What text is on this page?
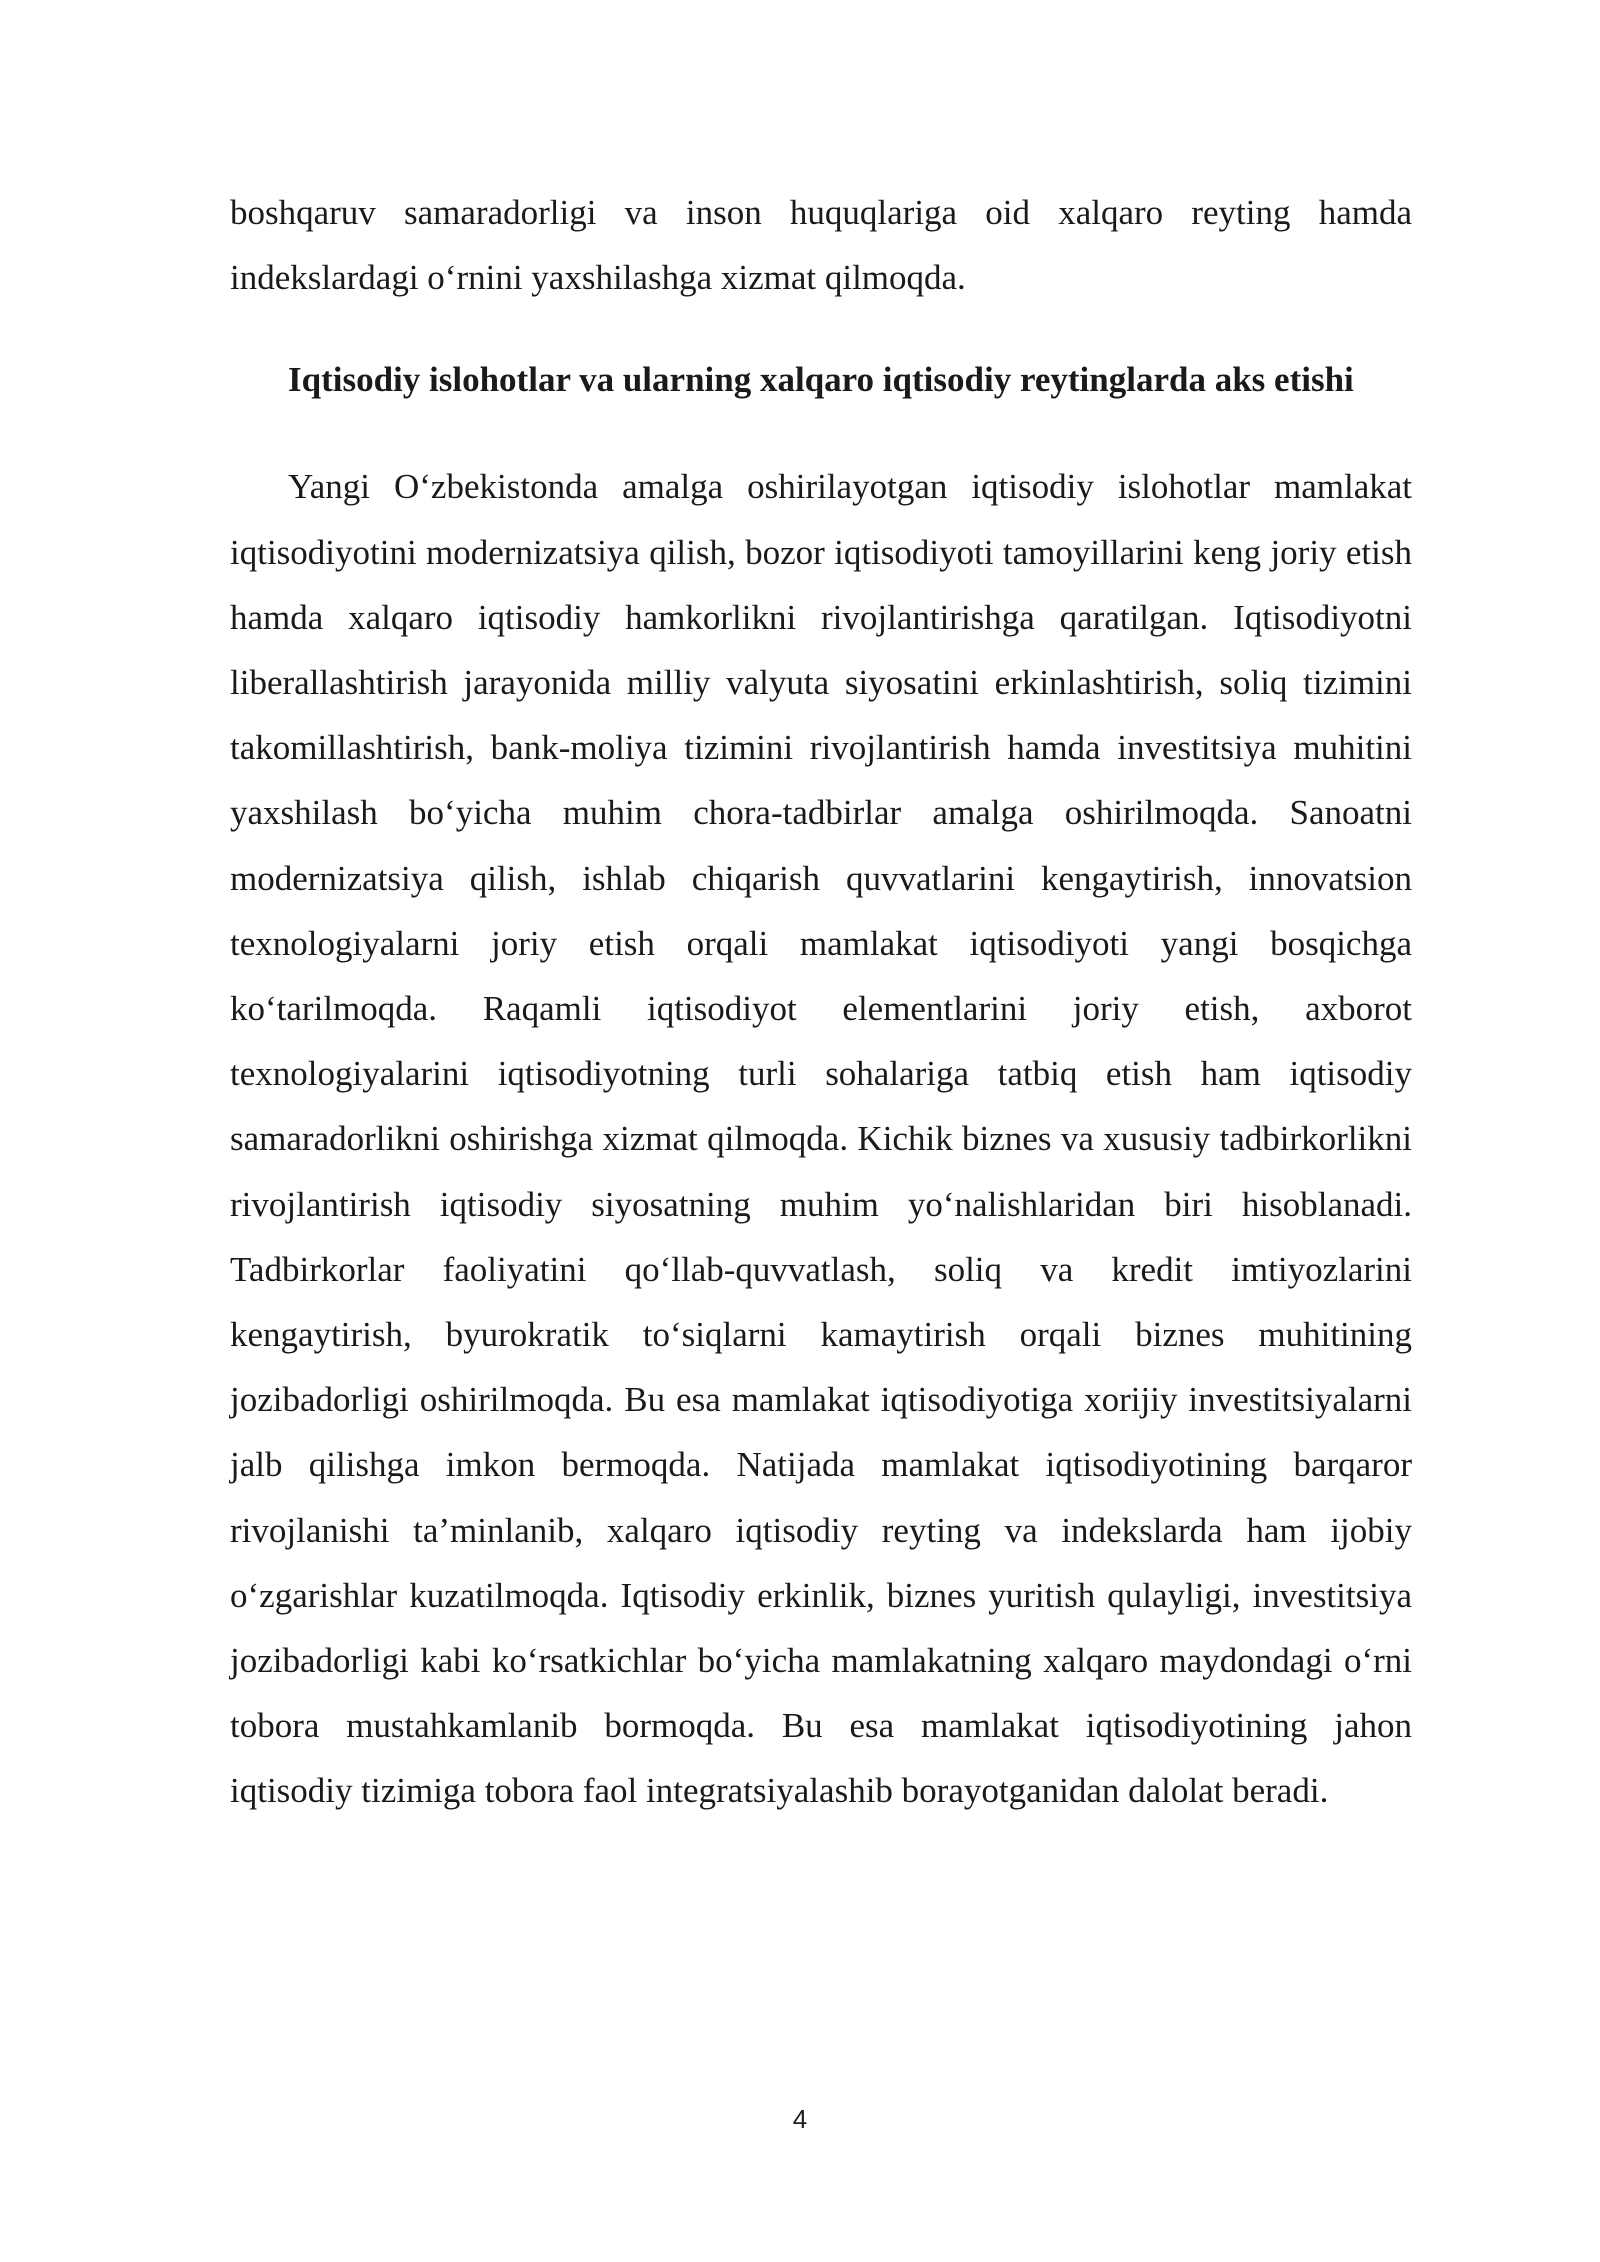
boshqaruv samaradorligi va inson huquqlariga oid xalqaro reyting hamda indekslardagi o‘rnini yaxshilashga xizmat qilmoqda.

Iqtisodiy islohotlar va ularning xalqaro iqtisodiy reytinglarda aks etishi

Yangi O‘zbekistonda amalga oshirilayotgan iqtisodiy islohotlar mamlakat iqtisodiyotini modernizatsiya qilish, bozor iqtisodiyoti tamoyillarini keng joriy etish hamda xalqaro iqtisodiy hamkorlikni rivojlantirishga qaratilgan. Iqtisodiyotni liberallashtirish jarayonida milliy valyuta siyosatini erkinlashtirish, soliq tizimini takomillashtirish, bank-moliya tizimini rivojlantirish hamda investitsiya muhitini yaxshilash bo‘yicha muhim chora-tadbirlar amalga oshirilmoqda. Sanoatni modernizatsiya qilish, ishlab chiqarish quvvatlarini kengaytirish, innovatsion texnologiyalarni joriy etish orqali mamlakat iqtisodiyoti yangi bosqichga ko‘tarilmoqda. Raqamli iqtisodiyot elementlarini joriy etish, axborot texnologiyalarini iqtisodiyotning turli sohalariga tatbiq etish ham iqtisodiy samaradorlikni oshirishga xizmat qilmoqda. Kichik biznes va xususiy tadbirkorlikni rivojlantirish iqtisodiy siyosatning muhim yo‘nalishlaridan biri hisoblanadi. Tadbirkorlar faoliyatini qo‘llab-quvvatlash, soliq va kredit imtiyozlarini kengaytirish, byurokratik to‘siqlarni kamaytirish orqali biznes muhitining jozibadorligi oshirilmoqda. Bu esa mamlakat iqtisodiyotiga xorijiy investitsiyalarni jalb qilishga imkon bermoqda. Natijada mamlakat iqtisodiyotining barqaror rivojlanishi ta’minlanib, xalqaro iqtisodiy reyting va indekslarda ham ijobiy o‘zgarishlar kuzatilmoqda. Iqtisodiy erkinlik, biznes yuritish qulayligi, investitsiya jozibadorligi kabi ko‘rsatkichlar bo‘yicha mamlakatning xalqaro maydondagi o‘rni tobora mustahkamlanib bormoqda. Bu esa mamlakat iqtisodiyotining jahon iqtisodiy tizimiga tobora faol integratsiyalashib borayotganidan dalolat beradi.

4
